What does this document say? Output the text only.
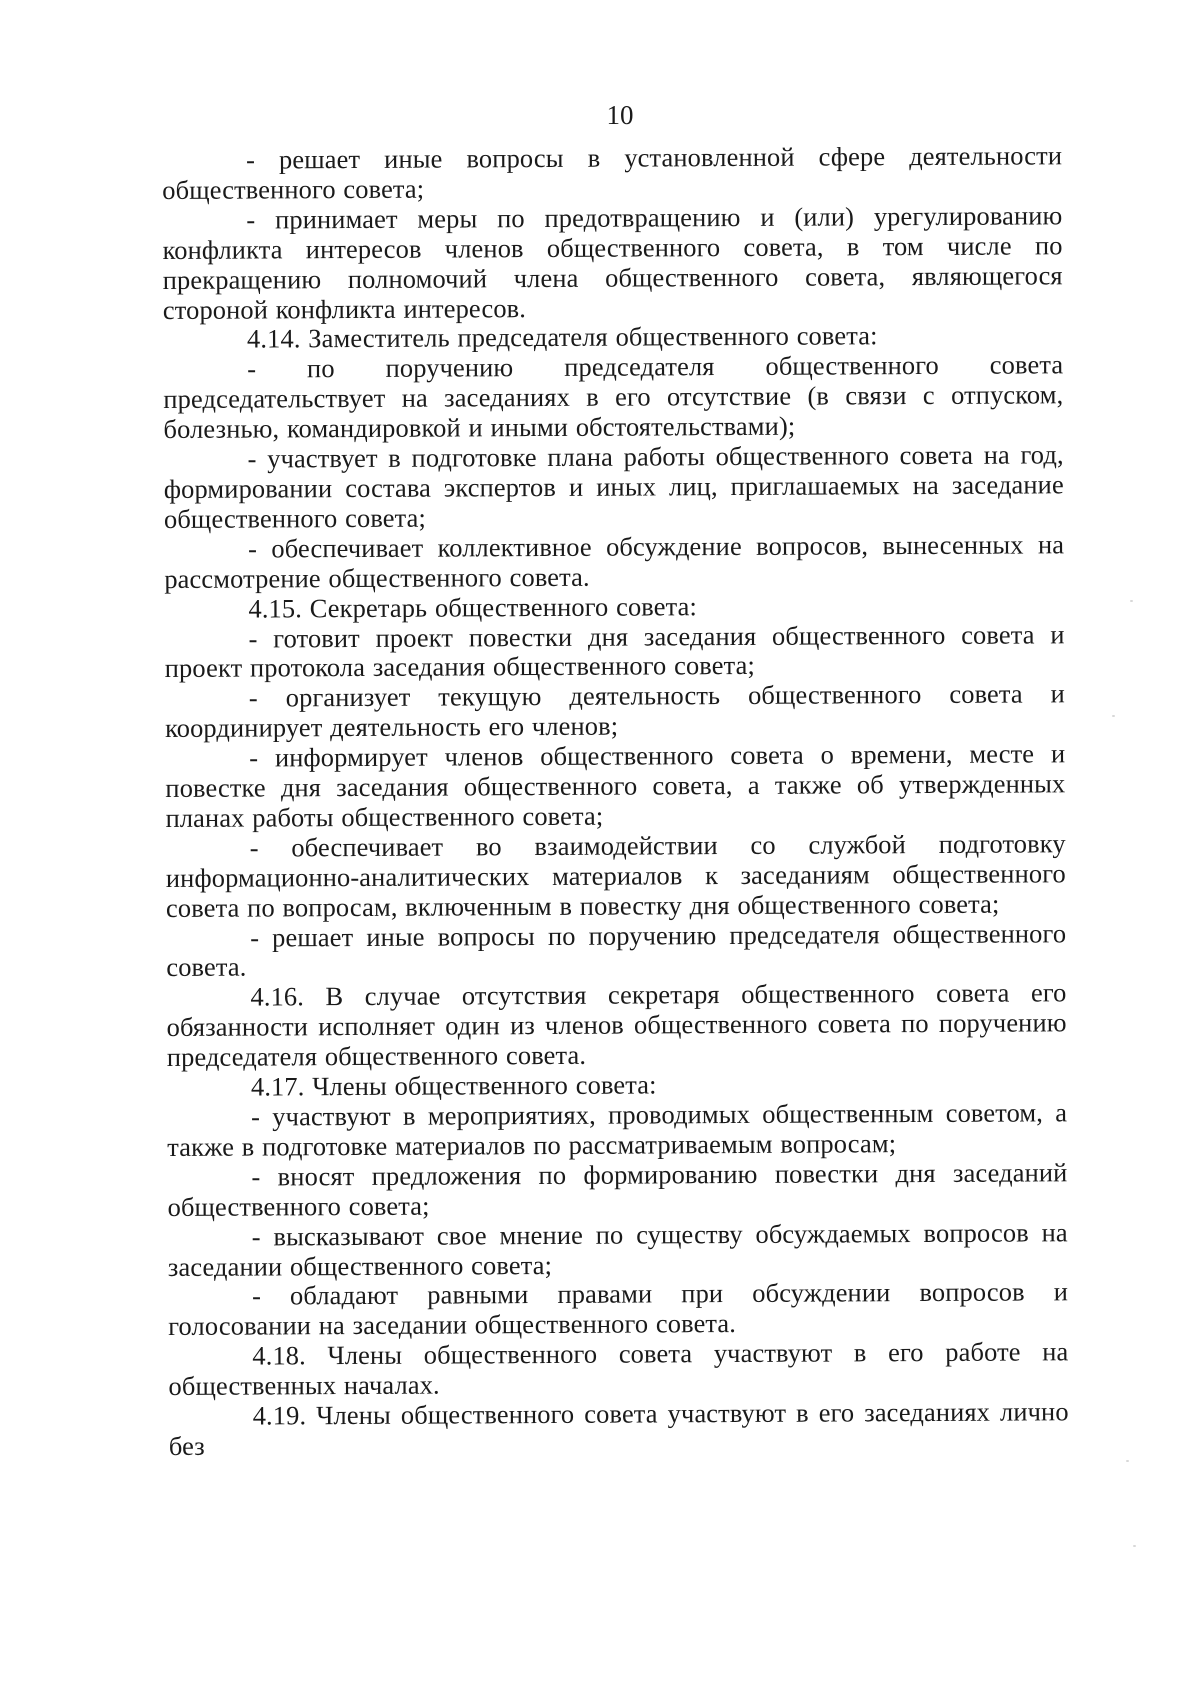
10

- решает иные вопросы в установленной сфере деятельности общественного совета;

- принимает меры по предотвращению и (или) урегулированию конфликта интересов членов общественного совета, в том числе по прекращению полномочий члена общественного совета, являющегося стороной конфликта интересов.

4.14. Заместитель председателя общественного совета:

- по поручению председателя общественного совета председательствует на заседаниях в его отсутствие (в связи с отпуском, болезнью, командировкой и иными обстоятельствами);

- участвует в подготовке плана работы общественного совета на год, формировании состава экспертов и иных лиц, приглашаемых на заседание общественного совета;

- обеспечивает коллективное обсуждение вопросов, вынесенных на рассмотрение общественного совета.

4.15. Секретарь общественного совета:

- готовит проект повестки дня заседания общественного совета и проект протокола заседания общественного совета;

- организует текущую деятельность общественного совета и координирует деятельность его членов;

- информирует членов общественного совета о времени, месте и повестке дня заседания общественного совета, а также об утвержденных планах работы общественного совета;

- обеспечивает во взаимодействии со службой подготовку информационно-аналитических материалов к заседаниям общественного совета по вопросам, включенным в повестку дня общественного совета;

- решает иные вопросы по поручению председателя общественного совета.

4.16. В случае отсутствия секретаря общественного совета его обязанности исполняет один из членов общественного совета по поручению председателя общественного совета.

4.17. Члены общественного совета:

- участвуют в мероприятиях, проводимых общественным советом, а также в подготовке материалов по рассматриваемым вопросам;

- вносят предложения по формированию повестки дня заседаний общественного совета;

- высказывают свое мнение по существу обсуждаемых вопросов на заседании общественного совета;

- обладают равными правами при обсуждении вопросов и голосовании на заседании общественного совета.

4.18. Члены общественного совета участвуют в его работе на общественных началах.

4.19. Члены общественного совета участвуют в его заседаниях лично без
